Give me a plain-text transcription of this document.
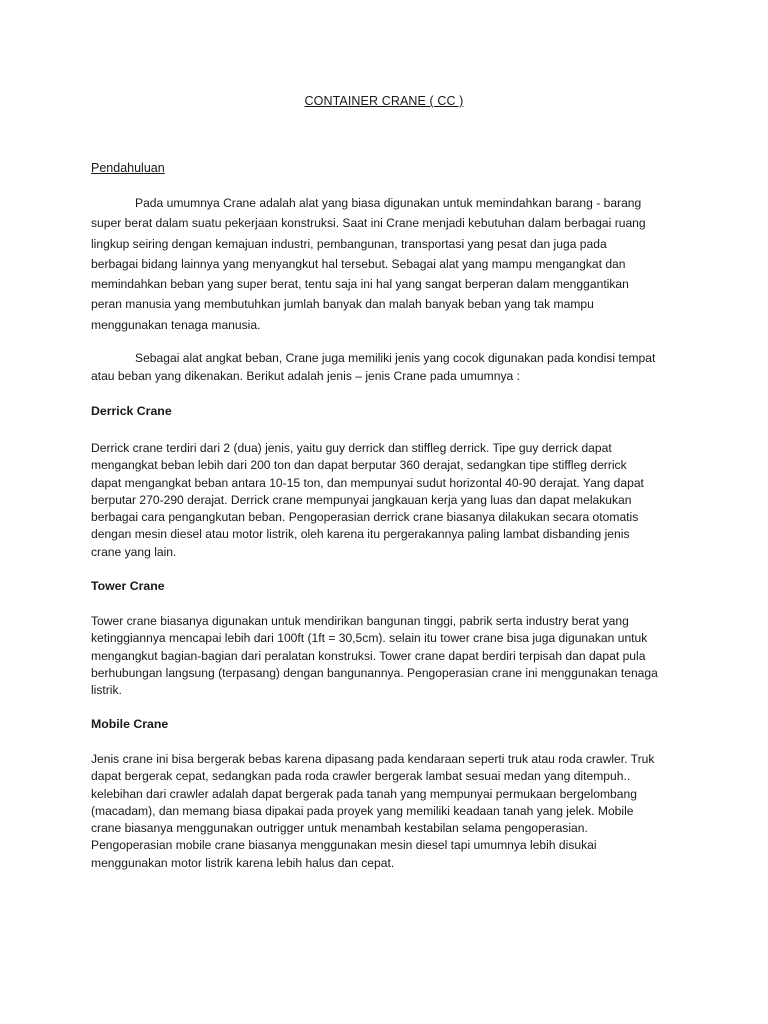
CONTAINER CRANE ( CC )
Pendahuluan
Pada umumnya Crane adalah alat yang biasa digunakan untuk memindahkan barang - barang
super berat dalam suatu pekerjaan konstruksi. Saat ini Crane menjadi kebutuhan dalam berbagai ruang
lingkup seiring dengan kemajuan industri, pembangunan, transportasi yang pesat dan juga pada
berbagai bidang lainnya yang menyangkut hal tersebut. Sebagai alat yang mampu mengangkat dan
memindahkan beban yang super berat, tentu saja ini hal yang sangat berperan dalam menggantikan
peran manusia yang membutuhkan jumlah banyak dan malah banyak beban yang tak mampu
menggunakan tenaga manusia.
Sebagai alat angkat beban, Crane juga memiliki jenis yang cocok digunakan pada kondisi tempat
atau beban yang dikenakan. Berikut adalah jenis – jenis Crane pada umumnya :
Derrick Crane
Derrick crane terdiri dari 2 (dua) jenis, yaitu guy derrick dan stiffleg derrick. Tipe guy derrick dapat
mengangkat beban lebih dari 200 ton dan dapat berputar 360 derajat, sedangkan tipe stiffleg derrick
dapat mengangkat beban antara 10-15 ton, dan mempunyai sudut horizontal 40-90 derajat. Yang dapat
berputar 270-290 derajat. Derrick crane mempunyai jangkauan kerja yang luas dan dapat melakukan
berbagai cara pengangkutan beban. Pengoperasian derrick crane biasanya dilakukan secara otomatis
dengan mesin diesel atau motor listrik, oleh karena itu pergerakannya paling lambat disbanding jenis
crane yang lain.
Tower Crane
Tower crane biasanya digunakan untuk mendirikan bangunan tinggi, pabrik serta industry berat yang
ketinggiannya mencapai lebih dari 100ft (1ft = 30,5cm). selain itu tower crane bisa juga digunakan untuk
mengangkut bagian-bagian dari peralatan konstruksi. Tower crane dapat berdiri terpisah dan dapat pula
berhubungan langsung (terpasang) dengan bangunannya. Pengoperasian crane ini menggunakan tenaga
listrik.
Mobile Crane
Jenis crane ini bisa bergerak bebas karena dipasang pada kendaraan seperti truk atau roda crawler. Truk
dapat bergerak cepat, sedangkan pada roda crawler bergerak lambat sesuai medan yang ditempuh..
kelebihan dari crawler adalah dapat bergerak pada tanah yang mempunyai permukaan bergelombang
(macadam), dan memang biasa dipakai pada proyek yang memiliki keadaan tanah yang jelek. Mobile
crane biasanya menggunakan outrigger untuk menambah kestabilan selama pengoperasian.
Pengoperasian mobile crane biasanya menggunakan mesin diesel tapi umumnya lebih disukai
menggunakan motor listrik karena lebih halus dan cepat.
